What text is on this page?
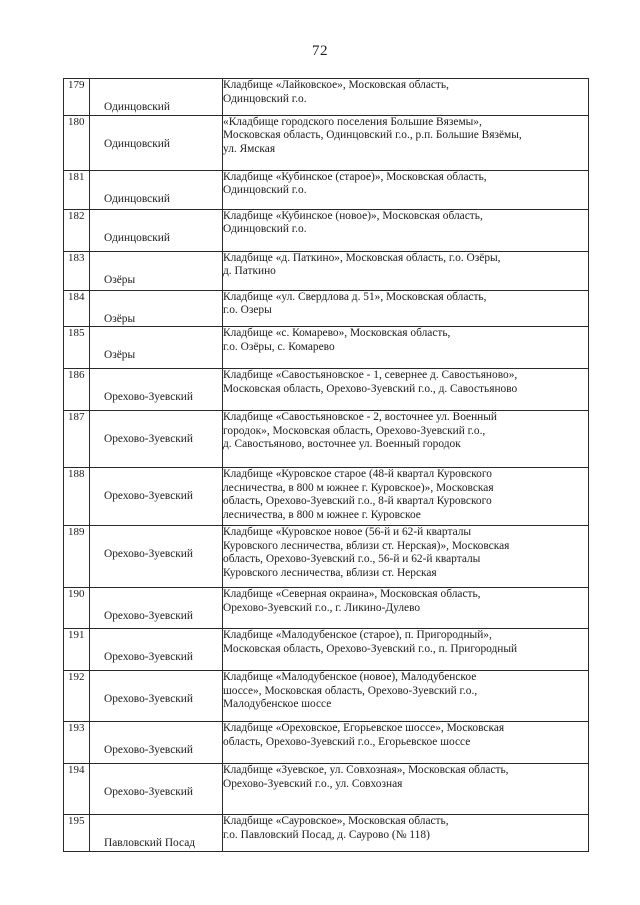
72
179	Одинцовский	Кладбище «Лайковское», Московская область,
Одинцовский г.о.

180	Одинцовский	«Кладбище городского поселения Большие Вяземы»,
Московская область, Одинцовский г.о., р.п. Большие Вязёмы,
ул. Ямская

181	Одинцовский	Кладбище «Кубинское (старое)», Московская область,
Одинцовский г.о.

182	Одинцовский	Кладбище «Кубинское (новое)», Московская область,
Одинцовский г.о.

183	Озёры	Кладбище «д. Паткино», Московская область, г.о. Озёры,
д. Паткино

184	Озёры	Кладбище «ул. Свердлова д. 51», Московская область,
г.о. Озеры

185	Озёры	Кладбище «с. Комарево», Московская область,
г.о. Озёры, с. Комарево

186	Орехово-Зуевский	Кладбище «Савостьяновское - 1, севернее д. Савостьяново»,
Московская область, Орехово-Зуевский г.о., д. Савостьяново

187	Орехово-Зуевский	Кладбище «Савостьяновское - 2, восточнее ул. Военный
городок», Московская область, Орехово-Зуевский г.о.,
д. Савостьяново, восточнее ул. Военный городок

188	Орехово-Зуевский	Кладбище «Куровское старое (48-й квартал Куровского
лесничества, в 800 м южнее г. Куровское)», Московская
область, Орехово-Зуевский г.о., 8-й квартал Куровского
лесничества, в 800 м южнее г. Куровское

189	Орехово-Зуевский	Кладбище «Куровское новое (56-й и 62-й кварталы
Куровского лесничества, вблизи ст. Нерская)», Московская
область, Орехово-Зуевский г.о., 56-й и 62-й кварталы
Куровского лесничества, вблизи ст. Нерская

190	Орехово-Зуевский	Кладбище «Северная окраина», Московская область,
Орехово-Зуевский г.о., г. Ликино-Дулево

191	Орехово-Зуевский	Кладбище «Малодубенское (старое), п. Пригородный»,
Московская область, Орехово-Зуевский г.о., п. Пригородный

192	Орехово-Зуевский	Кладбище «Малодубенское (новое), Малодубенское
шоссе», Московская область, Орехово-Зуевский г.о.,
Малодубенское шоссе

193	Орехово-Зуевский	Кладбище «Ореховское, Егорьевское шоссе», Московская
область, Орехово-Зуевский г.о., Егорьевское шоссе

194	Орехово-Зуевский	Кладбище «Зуевское, ул. Совхозная», Московская область,
Орехово-Зуевский г.о., ул. Совхозная

195	Павловский Посад	Кладбище «Сауровское», Московская область,
г.о. Павловский Посад, д. Саурово (№ 118)
